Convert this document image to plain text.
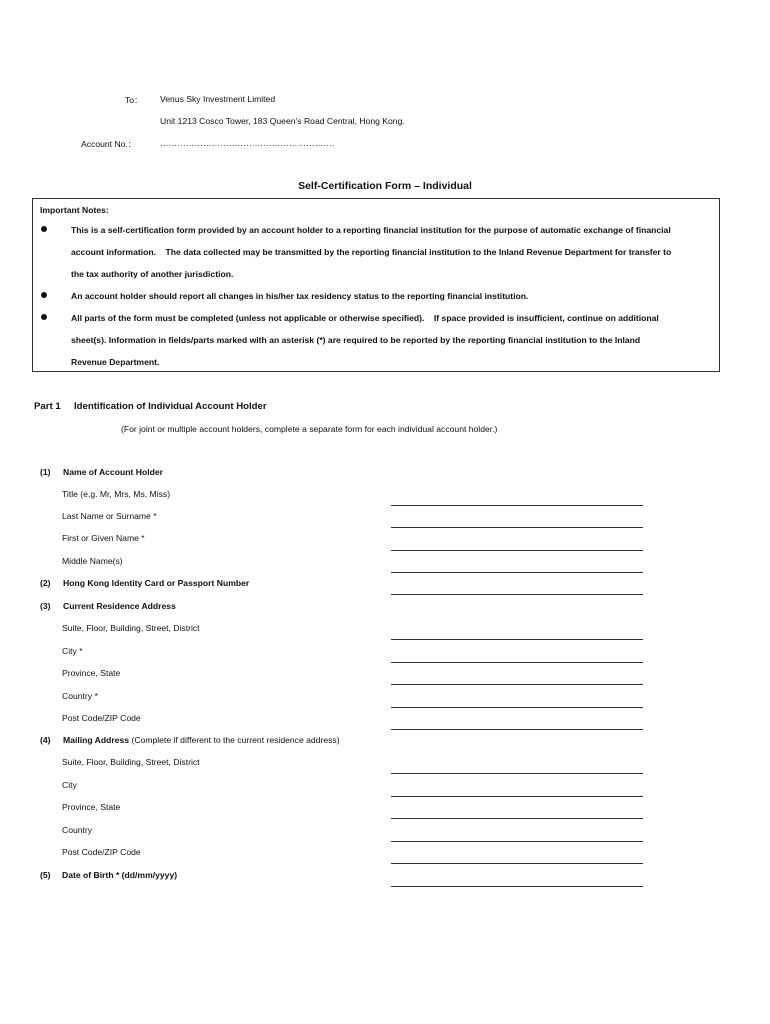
To： Venus Sky Investment Limited
Unit 1213 Cosco Tower, 183 Queen’s Road Central, Hong Kong.
Account No.：	…………………………………………………….
Self-Certification Form – Individual
Important Notes:
This is a self-certification form provided by an account holder to a reporting financial institution for the purpose of automatic exchange of financial
account information.    The data collected may be transmitted by the reporting financial institution to the Inland Revenue Department for transfer to
the tax authority of another jurisdiction.
An account holder should report all changes in his/her tax residency status to the reporting financial institution.
All parts of the form must be completed (unless not applicable or otherwise specified).    If space provided is insufficient, continue on additional
sheet(s). Information in fields/parts marked with an asterisk (*) are required to be reported by the reporting financial institution to the Inland
Revenue Department.
Part 1 Identification of Individual Account Holder
(For joint or multiple account holders, complete a separate form for each individual account holder.)
(1) Name of Account Holder
Title (e.g. Mr, Mrs, Ms, Miss)
Last Name or Surname *
First or Given Name *
Middle Name(s)
(2) Hong Kong Identity Card or Passport Number
(3) Current Residence Address
Suite, Floor, Building, Street, District
City *
Province, State
Country *
Post Code/ZIP Code
(4) Mailing Address (Complete if different to the current residence address)
Suite, Floor, Building, Street, District
City
Province, State
Country
Post Code/ZIP Code
(5) Date of Birth * (dd/mm/yyyy)
